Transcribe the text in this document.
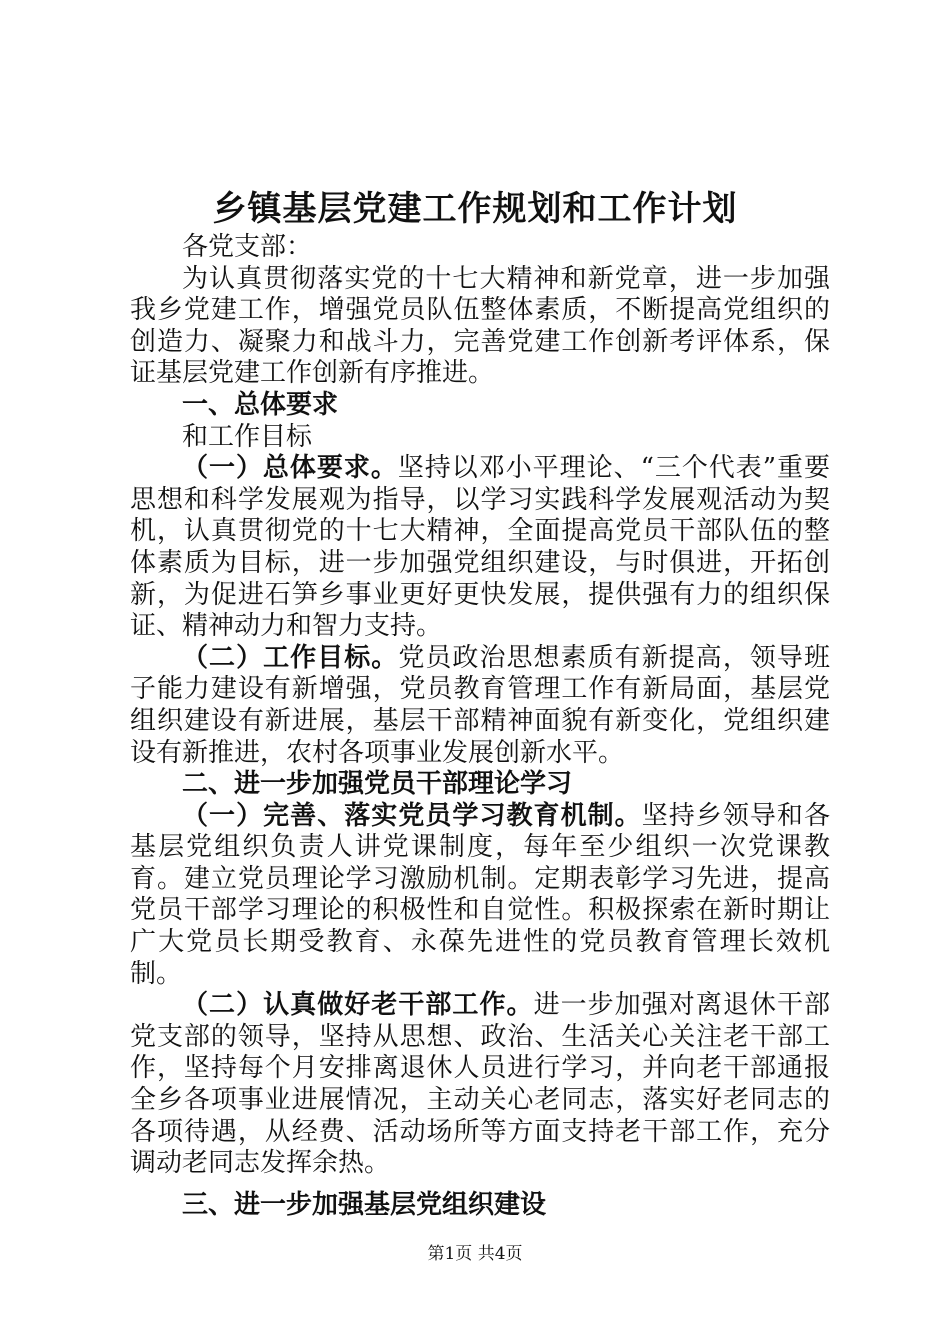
乡镇基层党建工作规划和工作计划

各党支部：

为认真贯彻落实党的十七大精神和新党章，进一步加强我乡党建工作，增强党员队伍整体素质，不断提高党组织的创造力、凝聚力和战斗力，完善党建工作创新考评体系，保证基层党建工作创新有序推进。

一、总体要求

和工作目标

（一）总体要求。坚持以邓小平理论、“三个代表”重要思想和科学发展观为指导，以学习实践科学发展观活动为契机，认真贯彻党的十七大精神，全面提高党员干部队伍的整体素质为目标，进一步加强党组织建设，与时俱进，开拓创新，为促进石笋乡事业更好更快发展，提供强有力的组织保证、精神动力和智力支持。

（二）工作目标。党员政治思想素质有新提高，领导班子能力建设有新增强，党员教育管理工作有新局面，基层党组织建设有新进展，基层干部精神面貌有新变化，党组织建设有新推进，农村各项事业发展创新水平。

二、进一步加强党员干部理论学习

（一）完善、落实党员学习教育机制。坚持乡领导和各基层党组织负责人讲党课制度，每年至少组织一次党课教育。建立党员理论学习激励机制。定期表彰学习先进，提高党员干部学习理论的积极性和自觉性。积极探索在新时期让广大党员长期受教育、永葆先进性的党员教育管理长效机制。

（二）认真做好老干部工作。进一步加强对离退休干部党支部的领导，坚持从思想、政治、生活关心关注老干部工作，坚持每个月安排离退休人员进行学习，并向老干部通报全乡各项事业进展情况，主动关心老同志，落实好老同志的各项待遇，从经费、活动场所等方面支持老干部工作，充分调动老同志发挥余热。

三、进一步加强基层党组织建设

第1页 共4页
